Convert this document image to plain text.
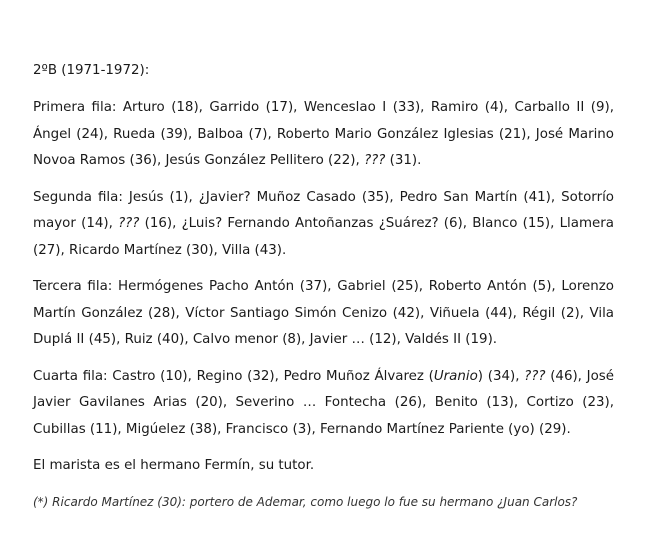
2ºB (1971-1972):

Primera fila: Arturo (18), Garrido (17), Wenceslao I (33), Ramiro (4), Carballo II (9), Ángel (24), Rueda (39), Balboa (7), Roberto Mario González Iglesias (21), José Marino Novoa Ramos (36), Jesús González Pellitero (22), ??? (31).

Segunda fila: Jesús (1), ¿Javier? Muñoz Casado (35), Pedro San Martín (41), Sotorrío mayor (14), ??? (16), ¿Luis? Fernando Antoñanzas ¿Suárez? (6), Blanco (15), Llamera (27), Ricardo Martínez (30), Villa (43).

Tercera fila: Hermógenes Pacho Antón (37), Gabriel (25), Roberto Antón (5), Lorenzo Martín González (28), Víctor Santiago Simón Cenizo (42), Viñuela (44), Régil (2), Vila Duplá II (45), Ruiz (40), Calvo menor (8), Javier … (12), Valdés II (19).

Cuarta fila: Castro (10), Regino (32), Pedro Muñoz Álvarez (Uranio) (34), ??? (46), José Javier Gavilanes Arias (20), Severino … Fontecha (26), Benito (13), Cortizo (23), Cubillas (11), Migúelez (38), Francisco (3), Fernando Martínez Pariente (yo) (29).

El marista es el hermano Fermín, su tutor.

(*) Ricardo Martínez (30): portero de Ademar, como luego lo fue su hermano ¿Juan Carlos?
